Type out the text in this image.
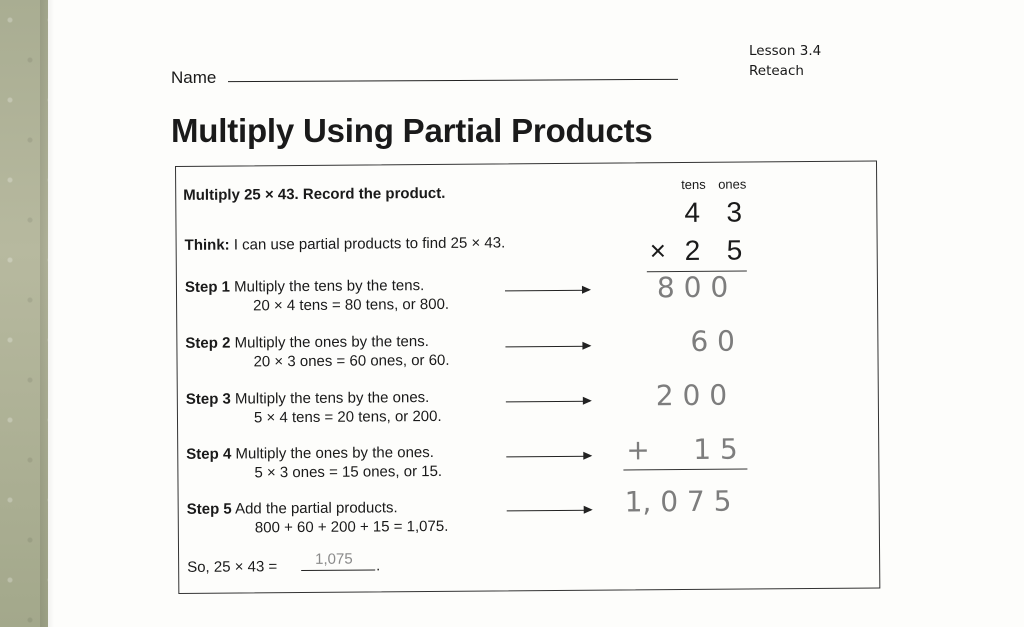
Name
Lesson 3.4
Reteach
Multiply Using Partial Products
Multiply 25 × 43. Record the product.
Think: I can use partial products to find 25 × 43.
tens ones
4 3
× 2 5
Step 1 Multiply the tens by the tens.
20 × 4 tens = 80 tens, or 800.
8 0 0
Step 2 Multiply the ones by the tens.
20 × 3 ones = 60 ones, or 60.
6 0
Step 3 Multiply the tens by the ones.
5 × 4 tens = 20 tens, or 200.
2 0 0
Step 4 Multiply the ones by the ones.
5 × 3 ones = 15 ones, or 15.
+ 1 5
Step 5 Add the partial products.
800 + 60 + 200 + 15 = 1,075.
1, 0 7 5
So, 25 × 43 =	1,075 .
